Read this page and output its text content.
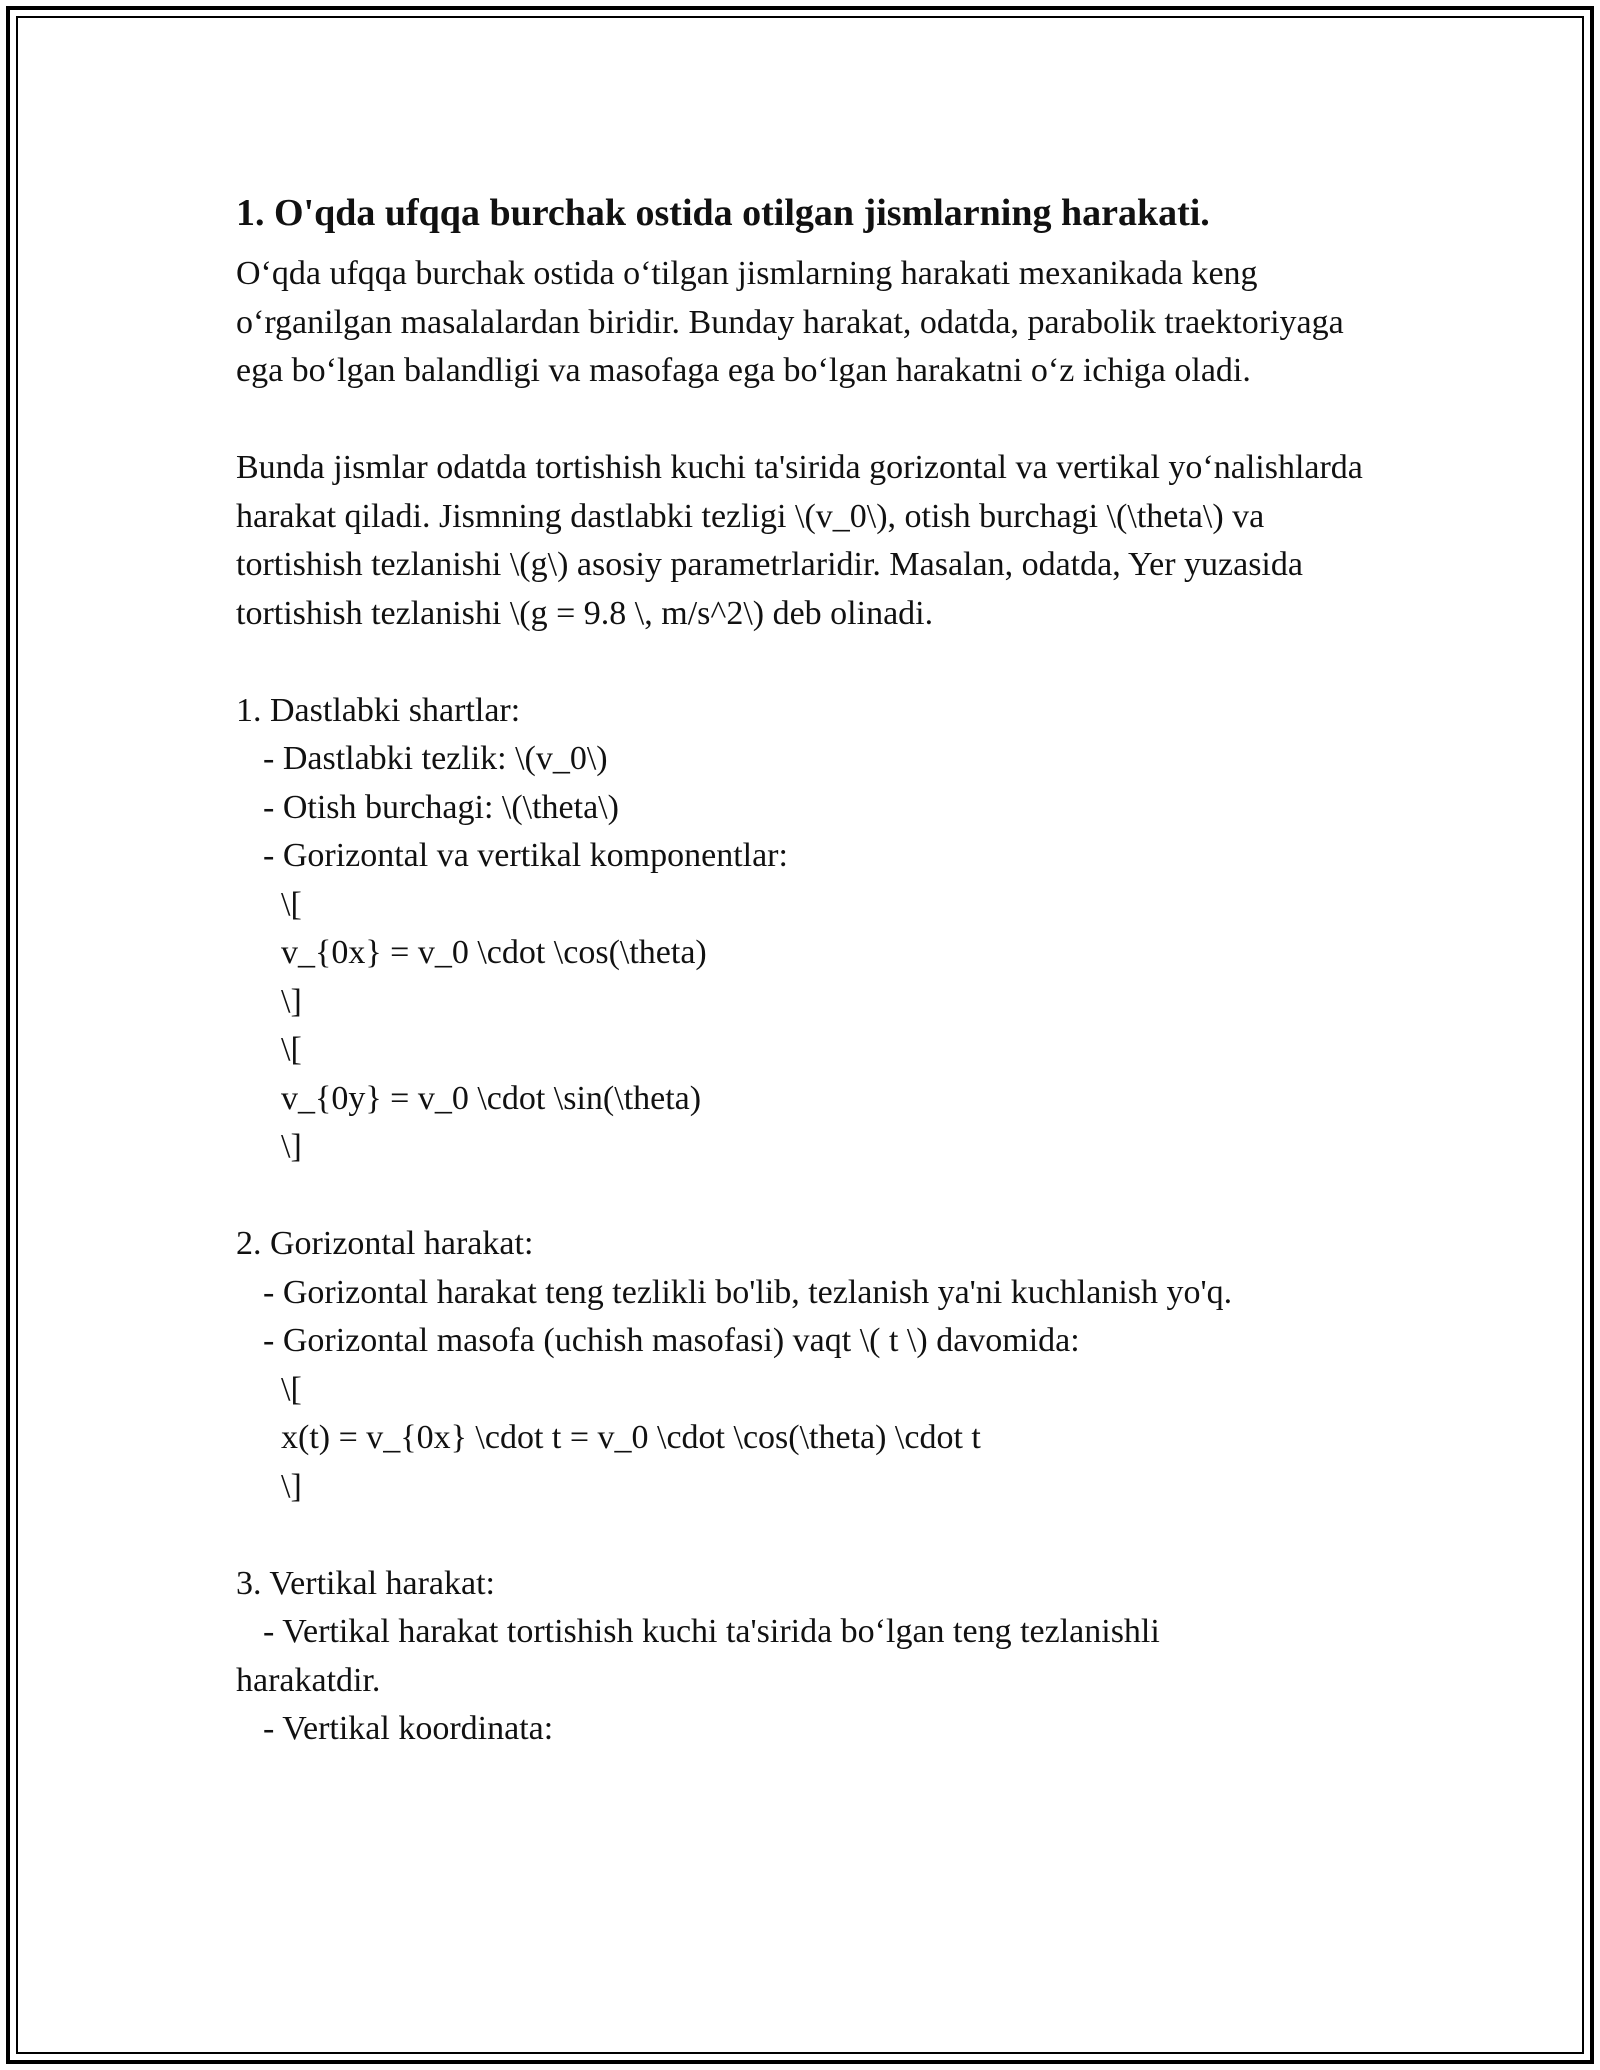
1. O'qda ufqqa burchak ostida otilgan jismlarning harakati.

O‘qda ufqqa burchak ostida o‘tilgan jismlarning harakati mexanikada keng o‘rganilgan masalalardan biridir. Bunday harakat, odatda, parabolik traektoriyaga ega bo‘lgan balandligi va masofaga ega bo‘lgan harakatni o‘z ichiga oladi.

Bunda jismlar odatda tortishish kuchi ta'sirida gorizontal va vertikal yo‘nalishlarda harakat qiladi. Jismning dastlabki tezligi \(v_0\), otish burchagi \(\theta\) va tortishish tezlanishi \(g\) asosiy parametrlaridir. Masalan, odatda, Yer yuzasida tortishish tezlanishi \(g = 9.8 \, m/s^2\) deb olinadi.

1. Dastlabki shartlar:

- Dastlabki tezlik: \(v_0\)

- Otish burchagi: \(\theta\)

- Gorizontal va vertikal komponentlar:

\[

v_{0x} = v_0 \cdot \cos(\theta)

\]

\[

v_{0y} = v_0 \cdot \sin(\theta)

\]

2. Gorizontal harakat:

- Gorizontal harakat teng tezlikli bo'lib, tezlanish ya'ni kuchlanish yo'q.

- Gorizontal masofa (uchish masofasi) vaqt \( t \) davomida:

\[

x(t) = v_{0x} \cdot t = v_0 \cdot \cos(\theta) \cdot t

\]

3. Vertikal harakat:

- Vertikal harakat tortishish kuchi ta'sirida bo‘lgan teng tezlanishli

harakatdir.

- Vertikal koordinata:
